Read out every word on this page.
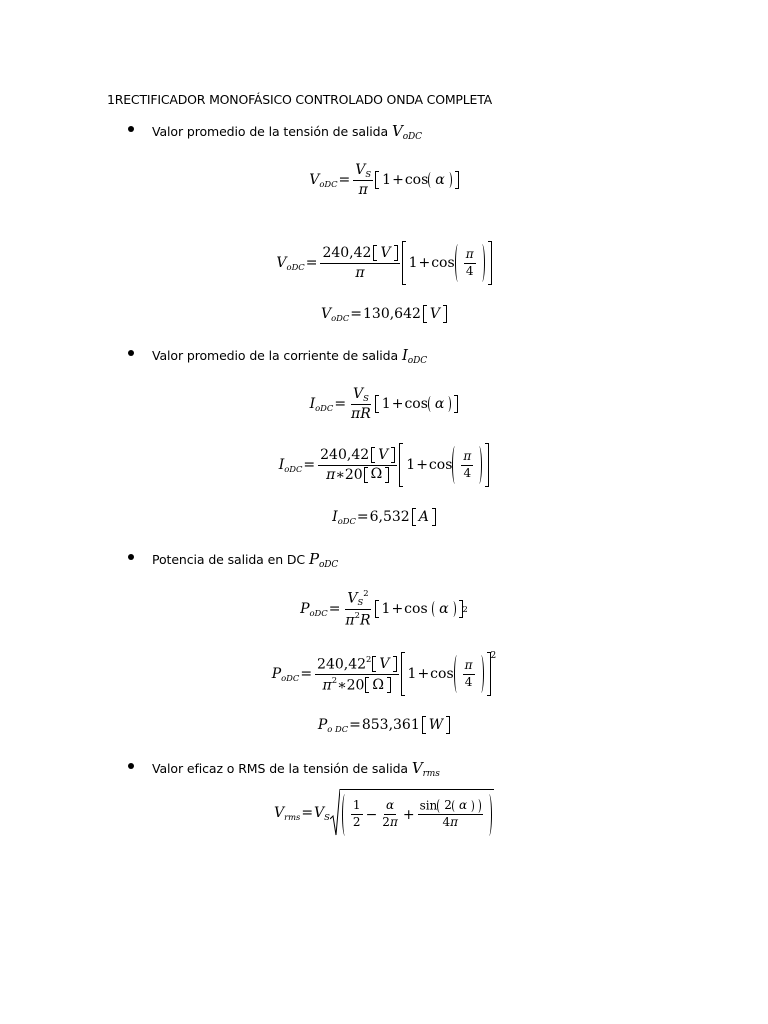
1RECTIFICADOR MONOFÁSICO CONTROLADO ONDA COMPLETA
Valor promedio de la tensión de salida $V_{oDC}$
$V_{oDC} = \frac{V_S}{\pi} 1 + \cos \alpha$
$V_{oDC} = \frac{240,42 V}{\pi} 1 + \cos \frac{\pi}{4}$
$V_{oDC} = 130,642$ V
Valor promedio de la corriente de salida $I_{oDC}$
$I_{oDC} = \frac{V_S}{\pi R} 1 + \cos \alpha$
$I_{oDC} = \frac{240,42 V}{\pi∗20 \Omega} 1 + \cos \frac{\pi}{4}$
$I_{oDC} = 6,532$ A
Potencia de salida en DC $P_{oDC}$
$P_{oDC} = \frac{V_S^2}{\pi^2R} 1 + \cos \alpha$ 2
$P_{oDC} = \frac{240,42^2 V}{\pi^2∗20 \Omega} 1 + \cos \frac{\pi}{4}$
2
$P_{o DC} = 853,361$ W
Valor eficaz o RMS de la tensión de salida $V_{rms}$
$V_{rms} = V_S \frac{1}{2} - \frac{\alpha}{2\pi} + \frac{\sin 2 \alpha}{4\pi}$
